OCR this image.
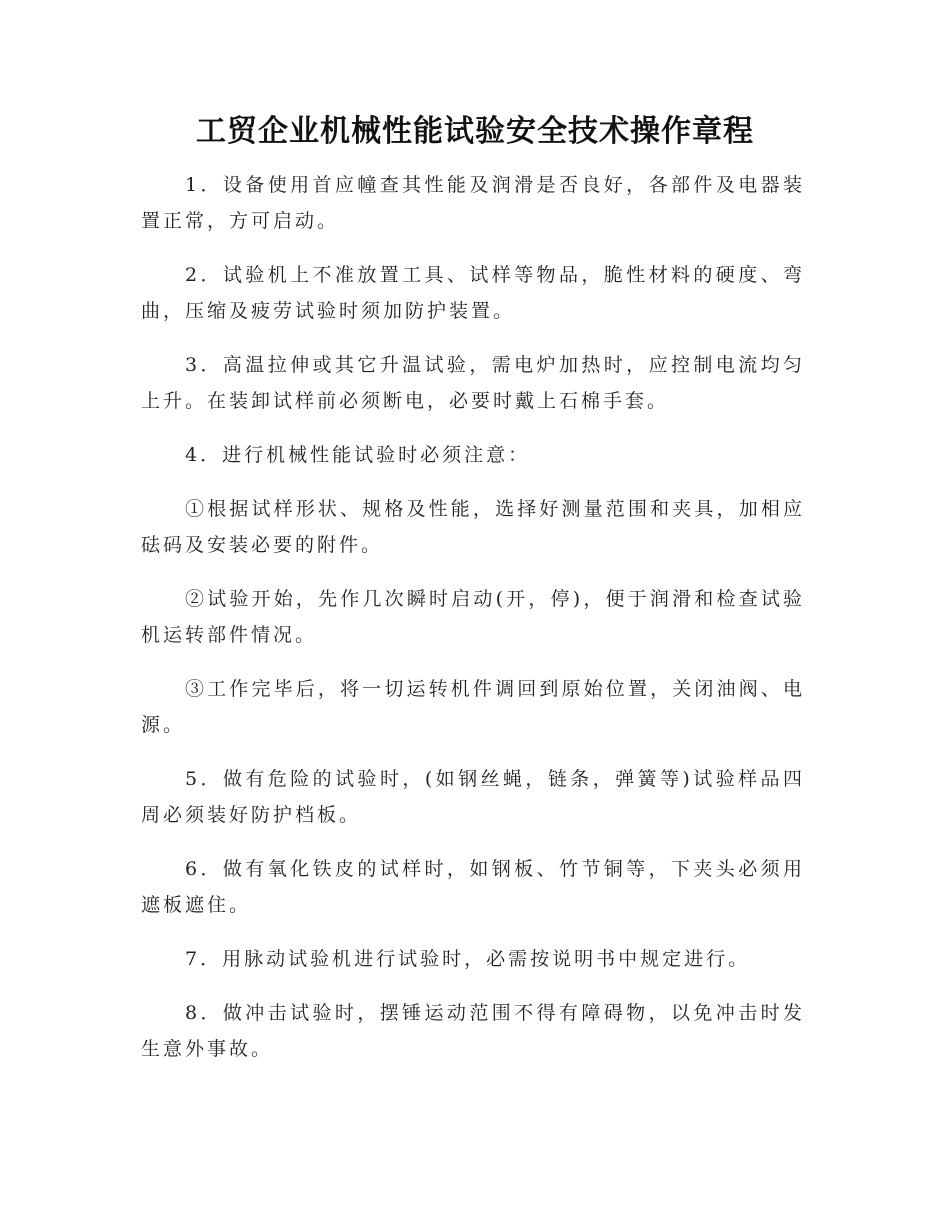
工贸企业机械性能试验安全技术操作章程

1．设备使用首应幢查其性能及润滑是否良好，各部件及电器装置正常，方可启动。

2．试验机上不准放置工具、试样等物品，脆性材料的硬度、弯曲，压缩及疲劳试验时须加防护装置。

3．高温拉伸或其它升温试验，需电炉加热时，应控制电流均匀上升。在装卸试样前必须断电，必要时戴上石棉手套。

4．进行机械性能试验时必须注意：

①根据试样形状、规格及性能，选择好测量范围和夹具，加相应砝码及安装必要的附件。

②试验开始，先作几次瞬时启动(开，停)，便于润滑和检查试验机运转部件情况。

③工作完毕后，将一切运转机件调回到原始位置，关闭油阀、电源。

5．做有危险的试验时，(如钢丝蝇，链条，弹簧等)试验样品四周必须装好防护档板。

6．做有氧化铁皮的试样时，如钢板、竹节铜等，下夹头必须用遮板遮住。

7．用脉动试验机进行试验时，必需按说明书中规定进行。

8．做冲击试验时，摆锤运动范围不得有障碍物，以免冲击时发生意外事故。
